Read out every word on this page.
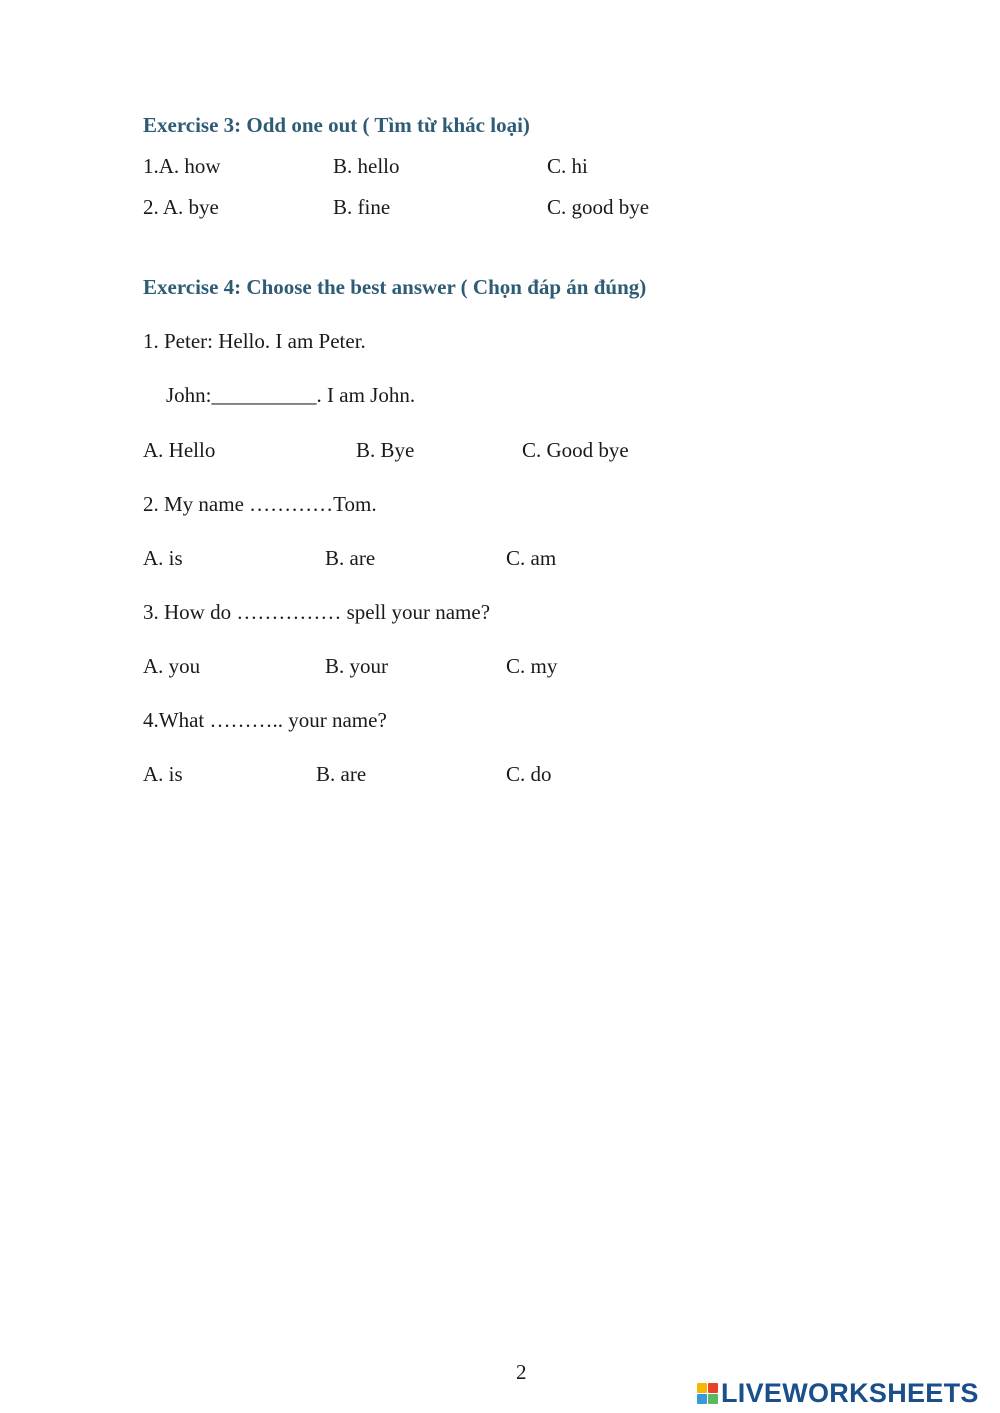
Exercise 3: Odd one out ( Tìm từ khác loại)
1.A. how	B. hello	C. hi
2. A. bye	B. fine	C. good bye
Exercise 4: Choose the best answer ( Chọn đáp án đúng)
1. Peter: Hello. I am Peter.
John:__________. I am John.
A. Hello	B. Bye	C. Good bye
2. My name …………Tom.
A. is	B. are	C. am
3. How do …………… spell your name?
A. you	B. your	C. my
4.What ……….. your name?
A. is	B. are	C. do
2
LIVEWORKSHEETS
